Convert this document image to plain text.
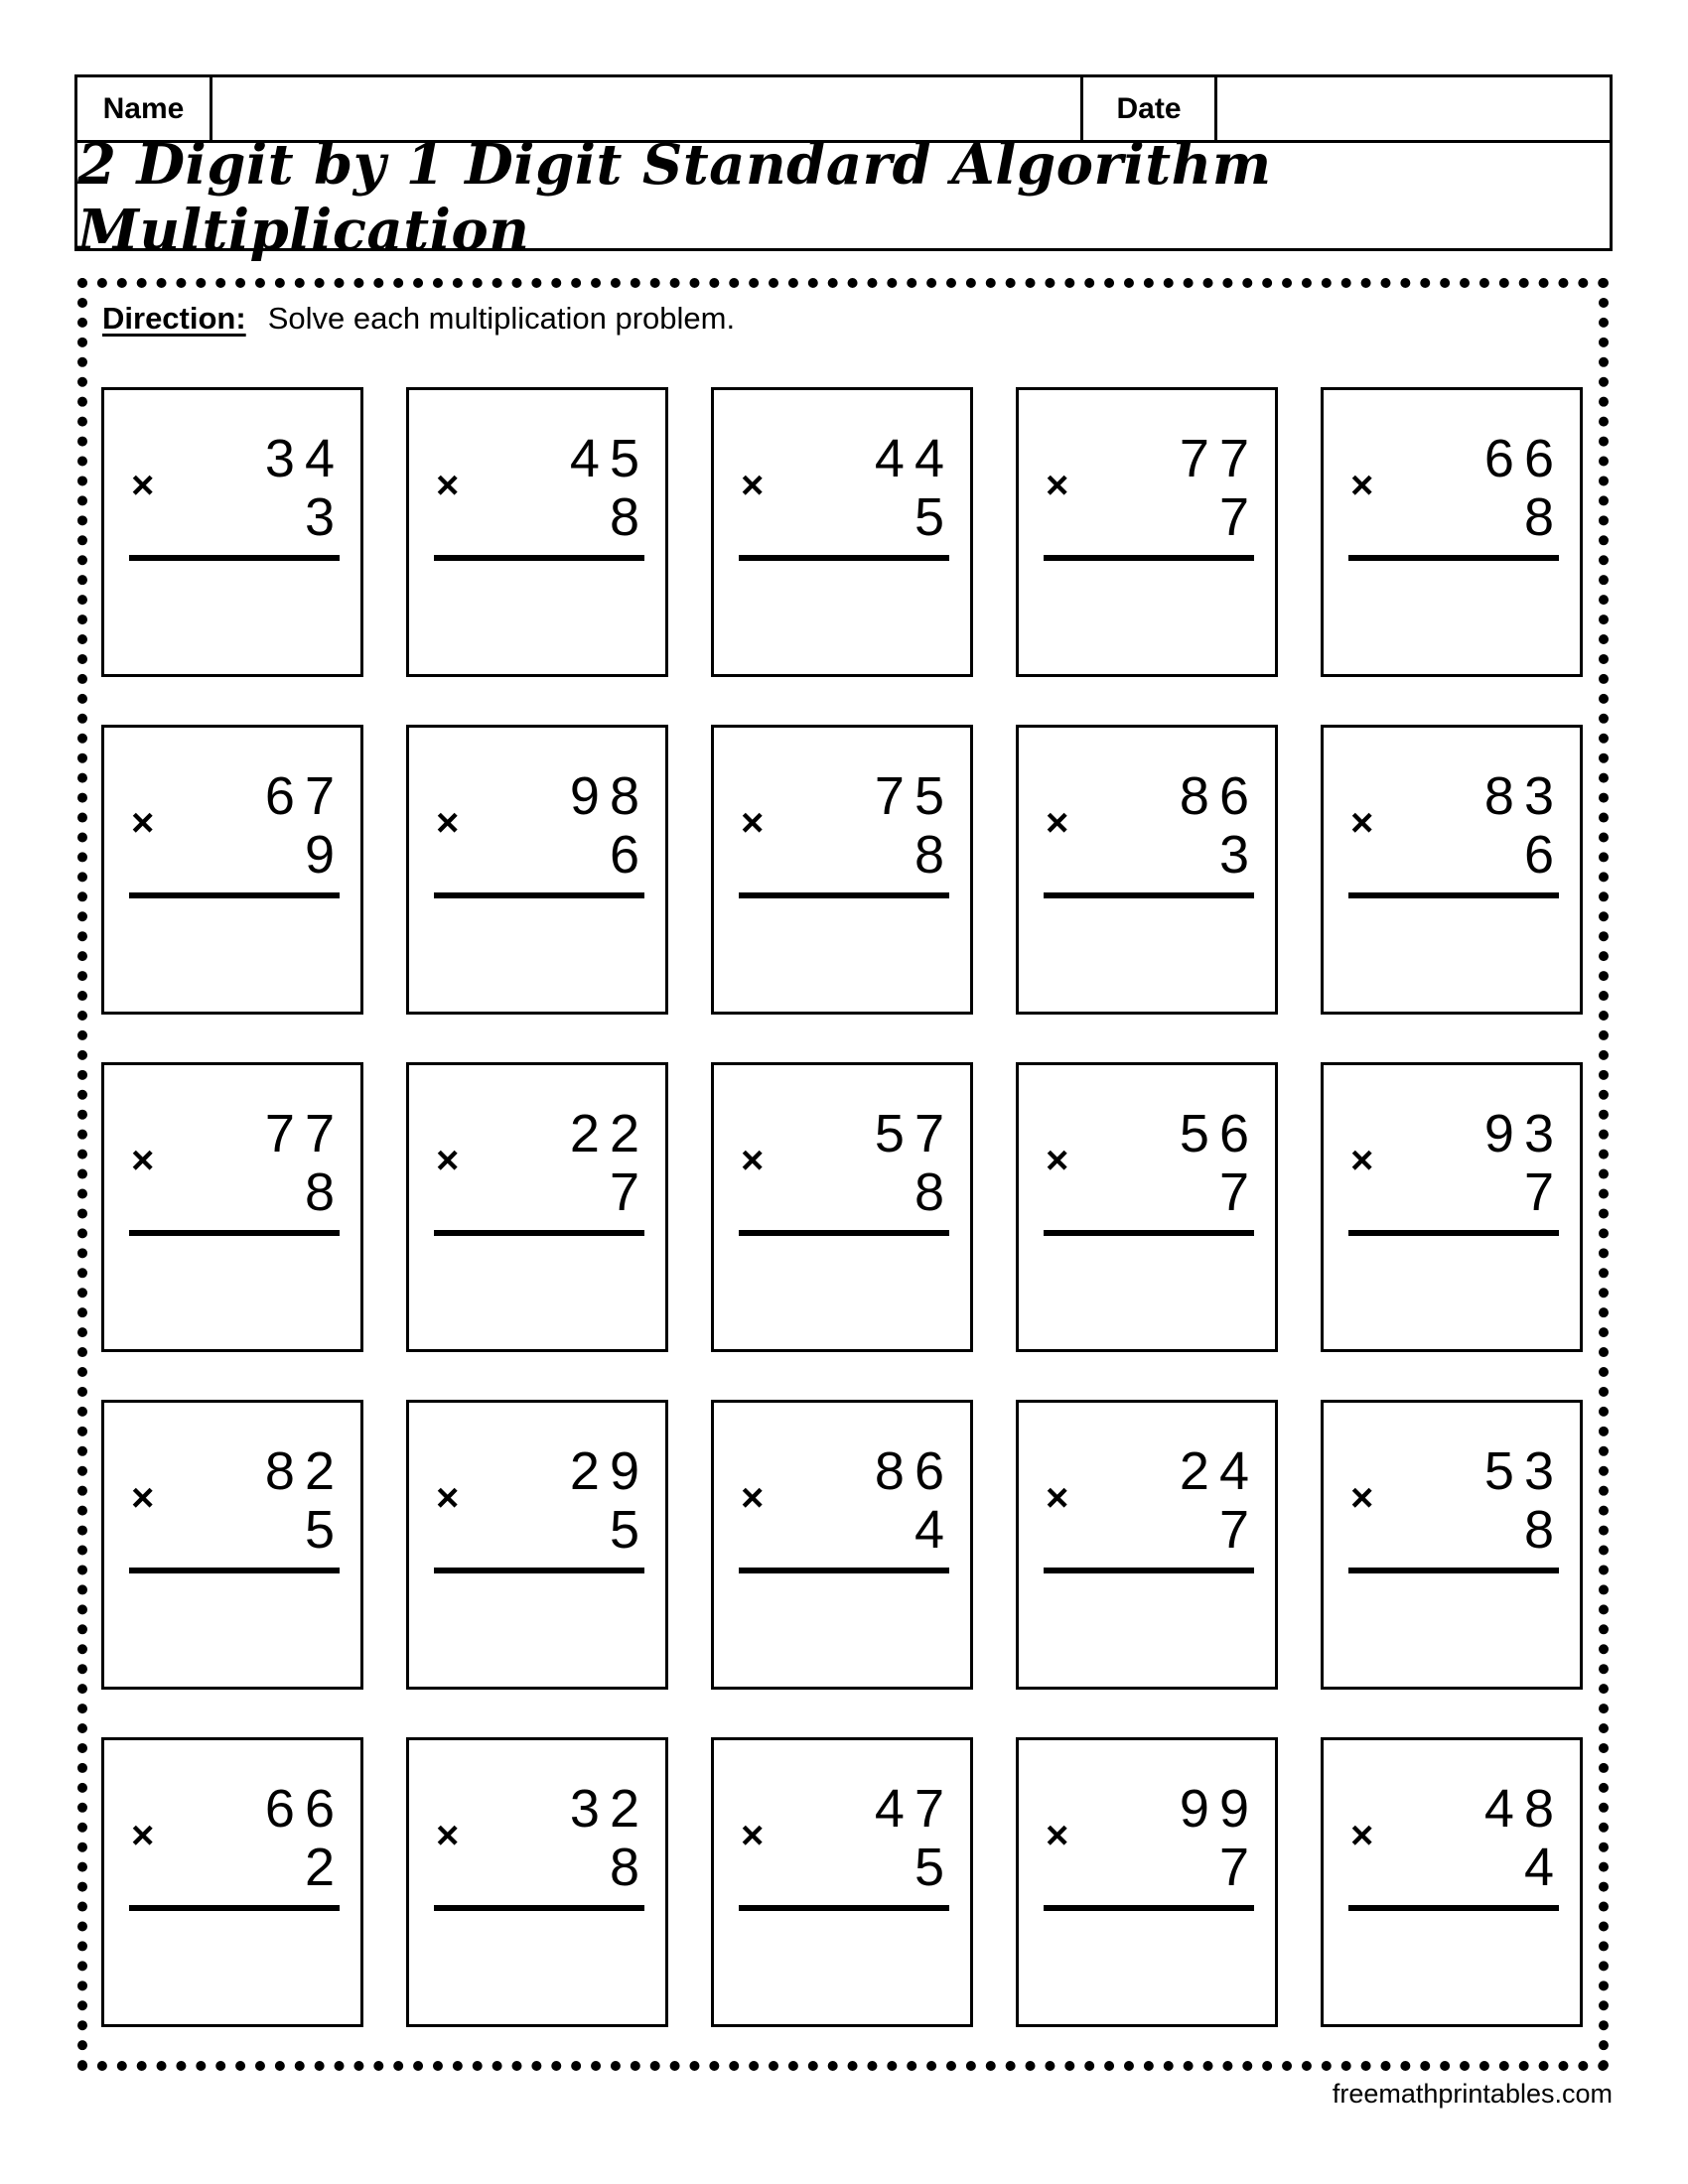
Name	Date
2 Digit by 1 Digit Standard Algorithm Multiplication
Direction: Solve each multiplication problem.
34
×
3
45
×
8
44
×
5
77
×
7
66
×
8
67
×
9
98
×
6
75
×
8
86
×
3
83
×
6
77
×
8
22
×
7
57
×
8
56
×
7
93
×
7
82
×
5
29
×
5
86
×
4
24
×
7
53
×
8
66
×
2
32
×
8
47
×
5
99
×
7
48
×
4
freemathprintables.com
